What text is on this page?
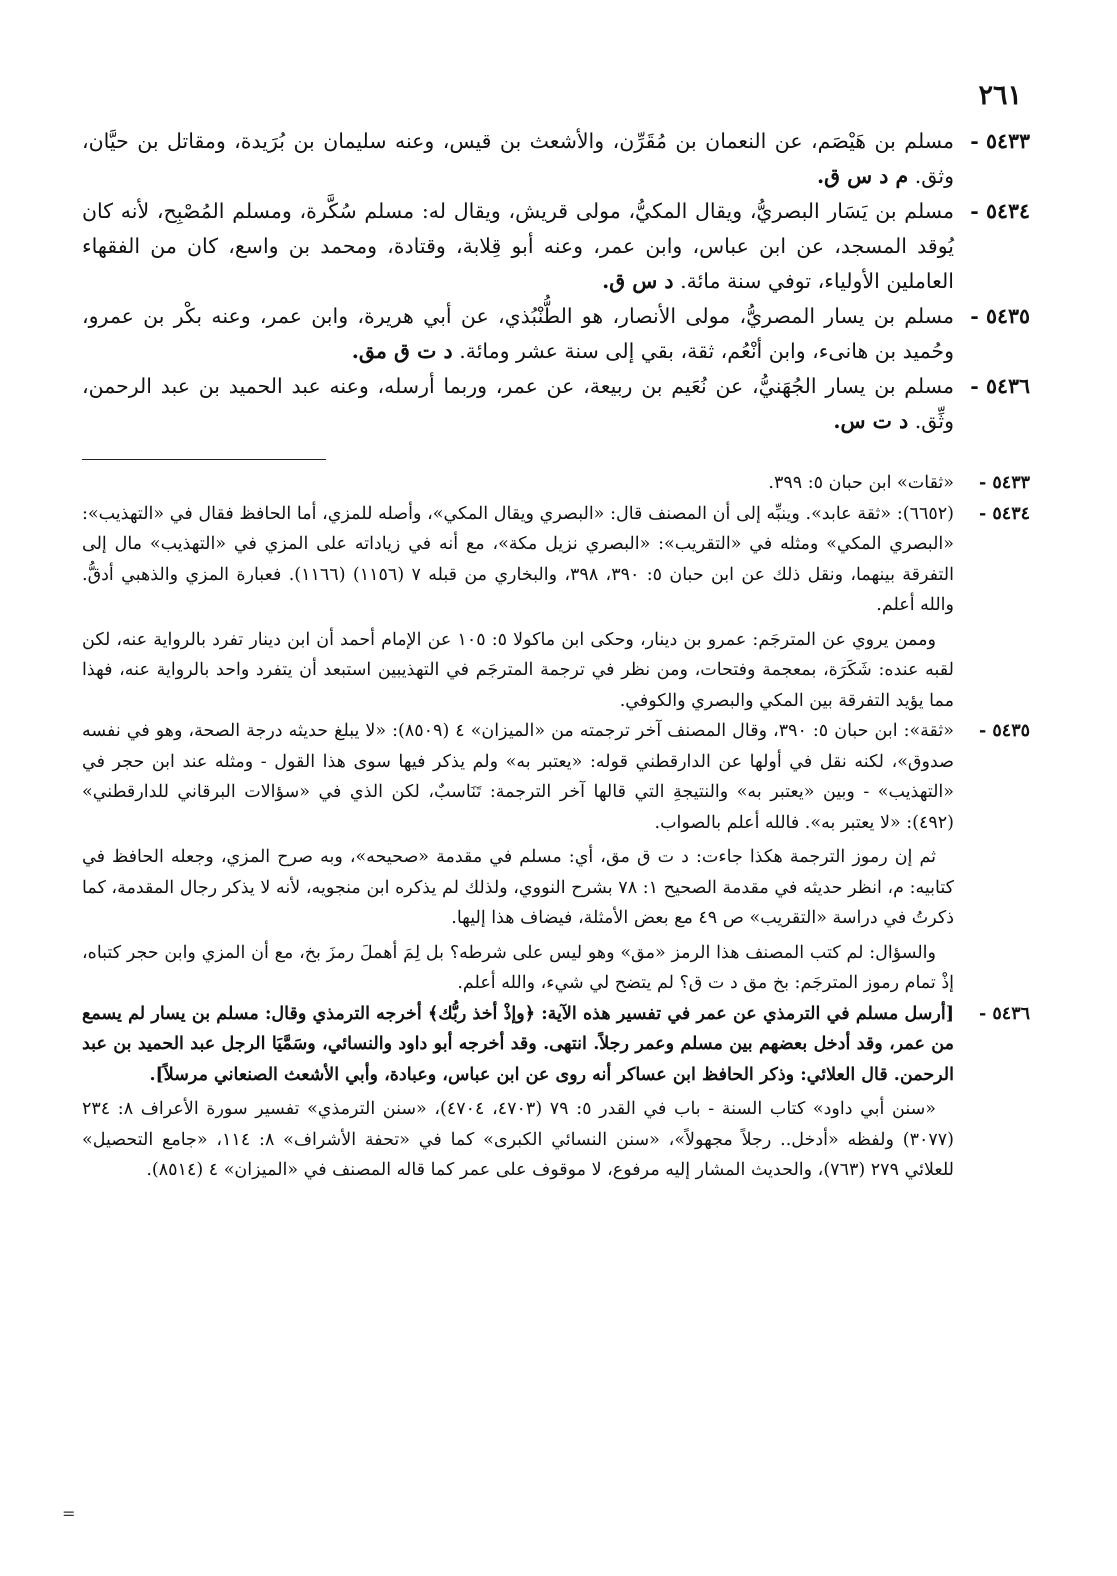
٢٦١
٥٤٣٣ -
مسلم بن هَيْصَم، عن النعمان بن مُقَرِّن، والأشعث بن قيس، وعنه سليمان بن بُرَيدة، ومقاتل بن حيَّان، وثق. م د س ق.
٥٤٣٤ -
مسلم بن يَسَار البصريُّ، ويقال المكيُّ، مولى قريش، ويقال له: مسلم سُكَّرة، ومسلم المُصْبِح، لأنه كان يُوقد المسجد، عن ابن عباس، وابن عمر، وعنه أبو قِلابة، وقتادة، ومحمد بن واسع، كان من الفقهاء العاملين الأولياء، توفي سنة مائة. د س ق.
٥٤٣٥ -
مسلم بن يسار المصريُّ، مولى الأنصار، هو الطُّنْبُذي، عن أبي هريرة، وابن عمر، وعنه بكْر بن عمرو، وحُميد بن هانىء، وابن أنْعُم، ثقة، بقي إلى سنة عشر ومائة. د ت ق مق.
٥٤٣٦ -
مسلم بن يسار الجُهَنيُّ، عن نُعَيم بن ربيعة، عن عمر، وربما أرسله، وعنه عبد الحميد بن عبد الرحمن، وثِّق. د ت س.
٥٤٣٣ -

«ثقات» ابن حبان ٥: ٣٩٩.

٥٤٣٤ -

(٦٦٥٢): «ثقة عابد». وينبِّه إلى أن المصنف قال: «البصري ويقال المكي»، وأصله للمزي، أما الحافظ فقال في «التهذيب»: «البصري المكي» ومثله في «التقريب»: «البصري نزيل مكة»، مع أنه في زياداته على المزي في «التهذيب» مال إلى التفرقة بينهما، ونقل ذلك عن ابن حبان ٥: ٣٩٠، ٣٩٨، والبخاري من قبله ٧ (١١٥٦) (١١٦٦). فعبارة المزي والذهبي أدقُّ. والله أعلم.

وممن يروي عن المترجَم: عمرو بن دينار، وحكى ابن ماكولا ٥: ١٠٥ عن الإمام أحمد أن ابن دينار تفرد بالرواية عنه، لكن لقبه عنده: شَكَرَة، بمعجمة وفتحات، ومن نظر في ترجمة المترجَم في التهذيبين استبعد أن يتفرد واحد بالرواية عنه، فهذا مما يؤيد التفرقة بين المكي والبصري والكوفي.

٥٤٣٥ -

«ثقة»: ابن حبان ٥: ٣٩٠، وقال المصنف آخر ترجمته من «الميزان» ٤ (٨٥٠٩): «لا يبلغ حديثه درجة الصحة، وهو في نفسه صدوق»، لكنه نقل في أولها عن الدارقطني قوله: «يعتبر به» ولم يذكر فيها سوى هذا القول - ومثله عند ابن حجر في «التهذيب» - وبين «يعتبر به» والنتيجةِ التي قالها آخر الترجمة: تَنَاسبٌ، لكن الذي في «سؤالات البرقاني للدارقطني» (٤٩٢): «لا يعتبر به». فالله أعلم بالصواب.

ثم إن رموز الترجمة هكذا جاءت: د ت ق مق، أي: مسلم في مقدمة «صحيحه»، وبه صرح المزي، وجعله الحافظ في كتابيه: م، انظر حديثه في مقدمة الصحيح ١: ٧٨ بشرح النووي، ولذلك لم يذكره ابن منجويه، لأنه لا يذكر رجال المقدمة، كما ذكرتُ في دراسة «التقريب» ص ٤٩ مع بعض الأمثلة، فيضاف هذا إليها.

والسؤال: لم كتب المصنف هذا الرمز «مق» وهو ليس على شرطه؟ بل لِمَ أهملَ رمزَ بخ، مع أن المزي وابن حجر كتباه، إذْ تمام رموز المترجَم: بخ مق د ت ق؟ لم يتضح لي شيء، والله أعلم.

٥٤٣٦ -

[أرسل مسلم في الترمذي عن عمر في تفسير هذه الآية: ﴿وإذْ أخذ ربُّك﴾ أخرجه الترمذي وقال: مسلم بن يسار لم يسمع من عمر، وقد أدخل بعضهم بين مسلم وعمر رجلاً. انتهى. وقد أخرجه أبو داود والنسائي، وسَمَّيَا الرجل عبد الحميد بن عبد الرحمن. قال العلائي: وذكر الحافظ ابن عساكر أنه روى عن ابن عباس، وعبادة، وأبي الأشعث الصنعاني مرسلاً].

«سنن أبي داود» كتاب السنة - باب في القدر ٥: ٧٩ (٤٧٠٣، ٤٧٠٤)، «سنن الترمذي» تفسير سورة الأعراف ٨: ٢٣٤ (٣٠٧٧) ولفظه «أدخل.. رجلاً مجهولاً»، «سنن النسائي الكبرى» كما في «تحفة الأشراف» ٨: ١١٤، «جامع التحصيل» للعلائي ٢٧٩ (٧٦٣)، والحديث المشار إليه مرفوع، لا موقوف على عمر كما قاله المصنف في «الميزان» ٤ (٨٥١٤).

=
